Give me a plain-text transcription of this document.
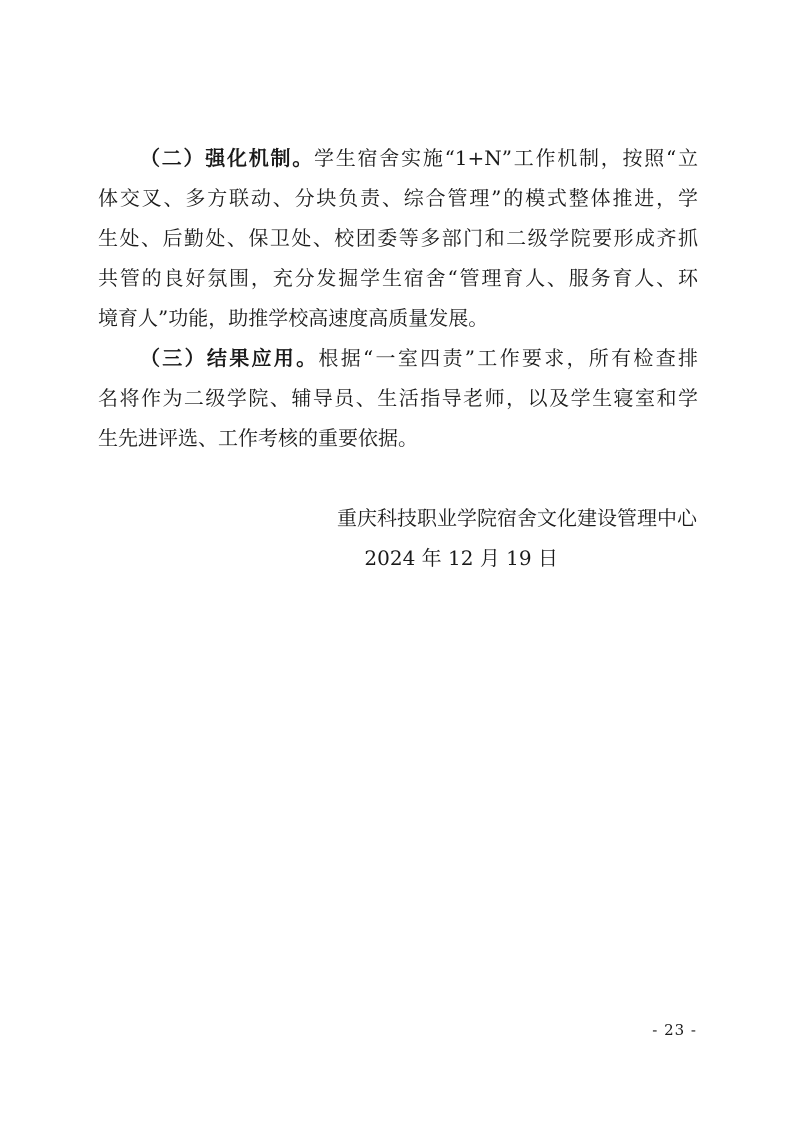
（二）强化机制。学生宿舍实施“1+N”工作机制，按照“立
体交叉、多方联动、分块负责、综合管理”的模式整体推进，学
生处、后勤处、保卫处、校团委等多部门和二级学院要形成齐抓
共管的良好氛围，充分发掘学生宿舍“管理育人、服务育人、环
境育人”功能，助推学校高速度高质量发展。
（三）结果应用。根据“一室四责”工作要求，所有检查排
名将作为二级学院、辅导员、生活指导老师，以及学生寝室和学
生先进评选、工作考核的重要依据。
重庆科技职业学院宿舍文化建设管理中心
2024 年 12 月 19 日
- 23 -
